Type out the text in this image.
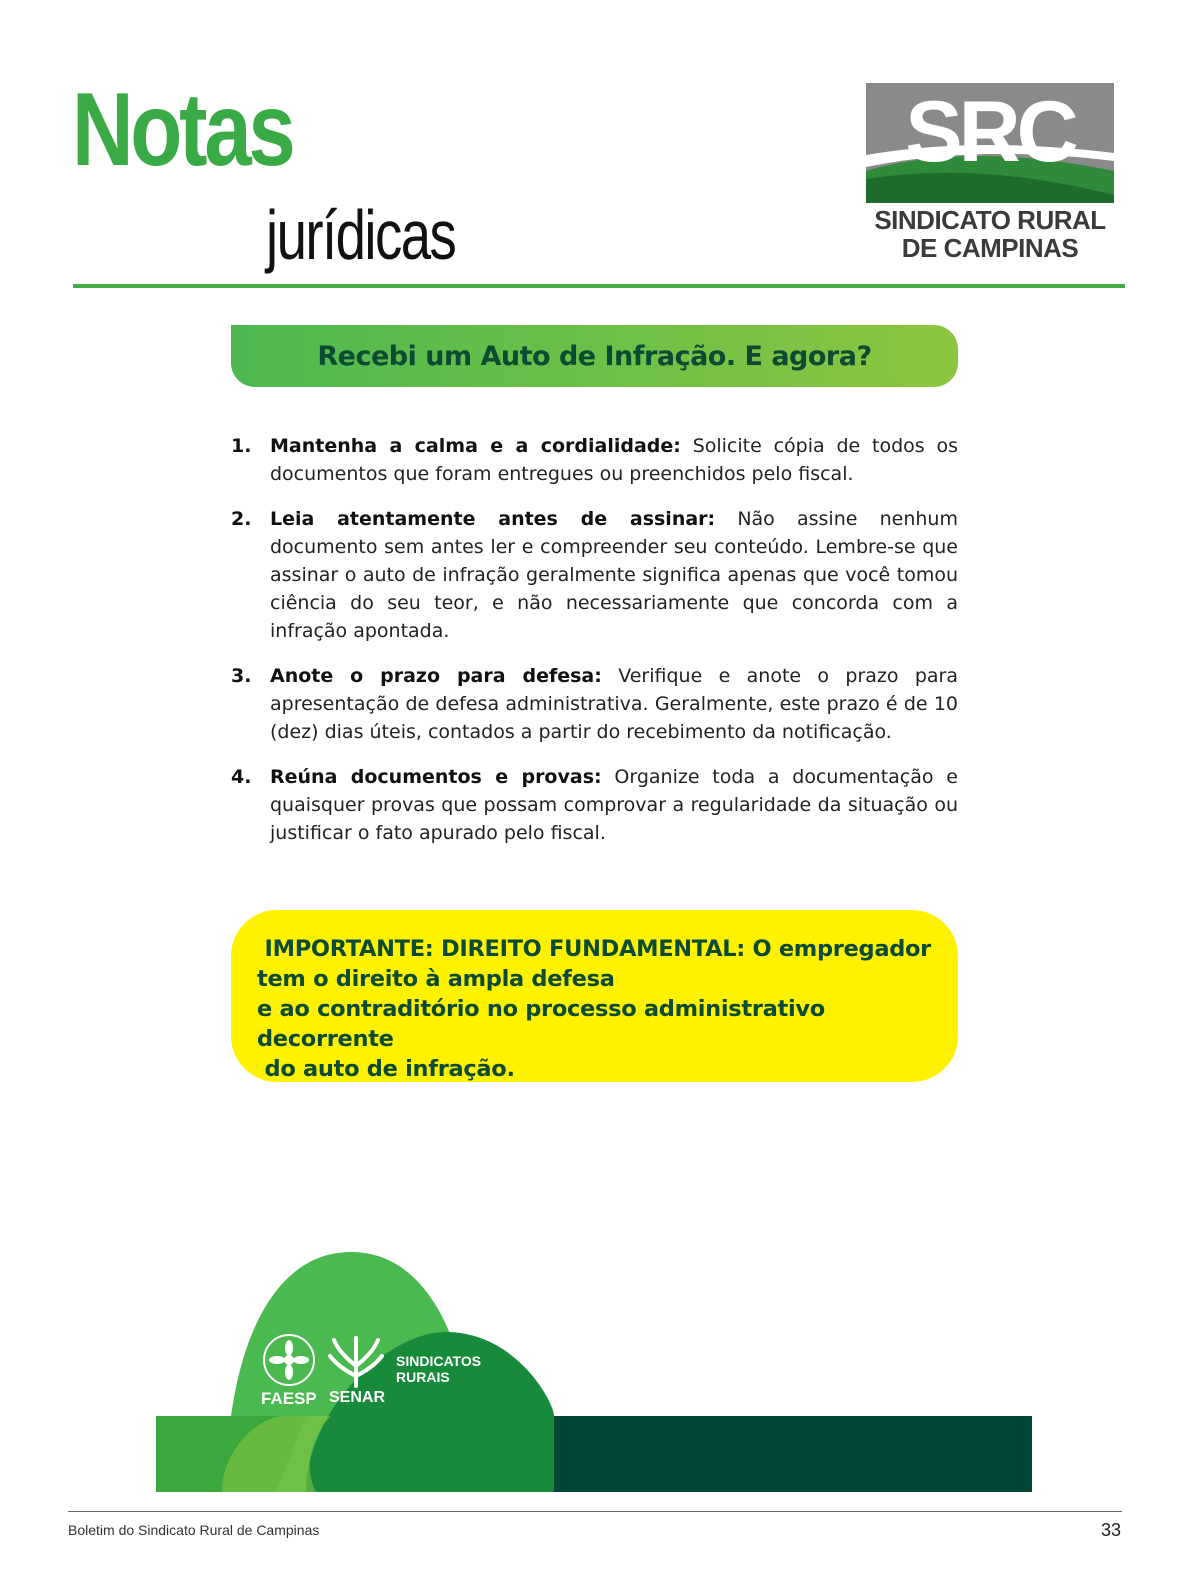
Notas
jurídicas
SRC
SINDICATO RURAL
DE CAMPINAS
Recebi um Auto de Infração. E agora?
1. Mantenha a calma e a cordialidade: Solicite cópia de todos os documentos que foram entregues ou preenchidos pelo fiscal.
2. Leia atentamente antes de assinar: Não assine nenhum documento sem antes ler e compreender seu conteúdo. Lembre-se que assinar o auto de infração geralmente significa apenas que você tomou ciência do seu teor, e não necessariamente que concorda com a infração apontada.
3. Anote o prazo para defesa: Verifique e anote o prazo para apresentação de defesa administrativa. Geralmente, este prazo é de 10 (dez) dias úteis, contados a partir do recebimento da notificação.
4. Reúna documentos e provas: Organize toda a documentação e quaisquer provas que possam comprovar a regularidade da situação ou justificar o fato apurado pelo fiscal.

IMPORTANTE: DIREITO FUNDAMENTAL: O empregador

tem o direito à ampla defesa

e ao contraditório no processo administrativo decorrente

do auto de infração.

FAESP SENAR
SINDICATOS
RURAIS
Boletim do Sindicato Rural de Campinas	33
